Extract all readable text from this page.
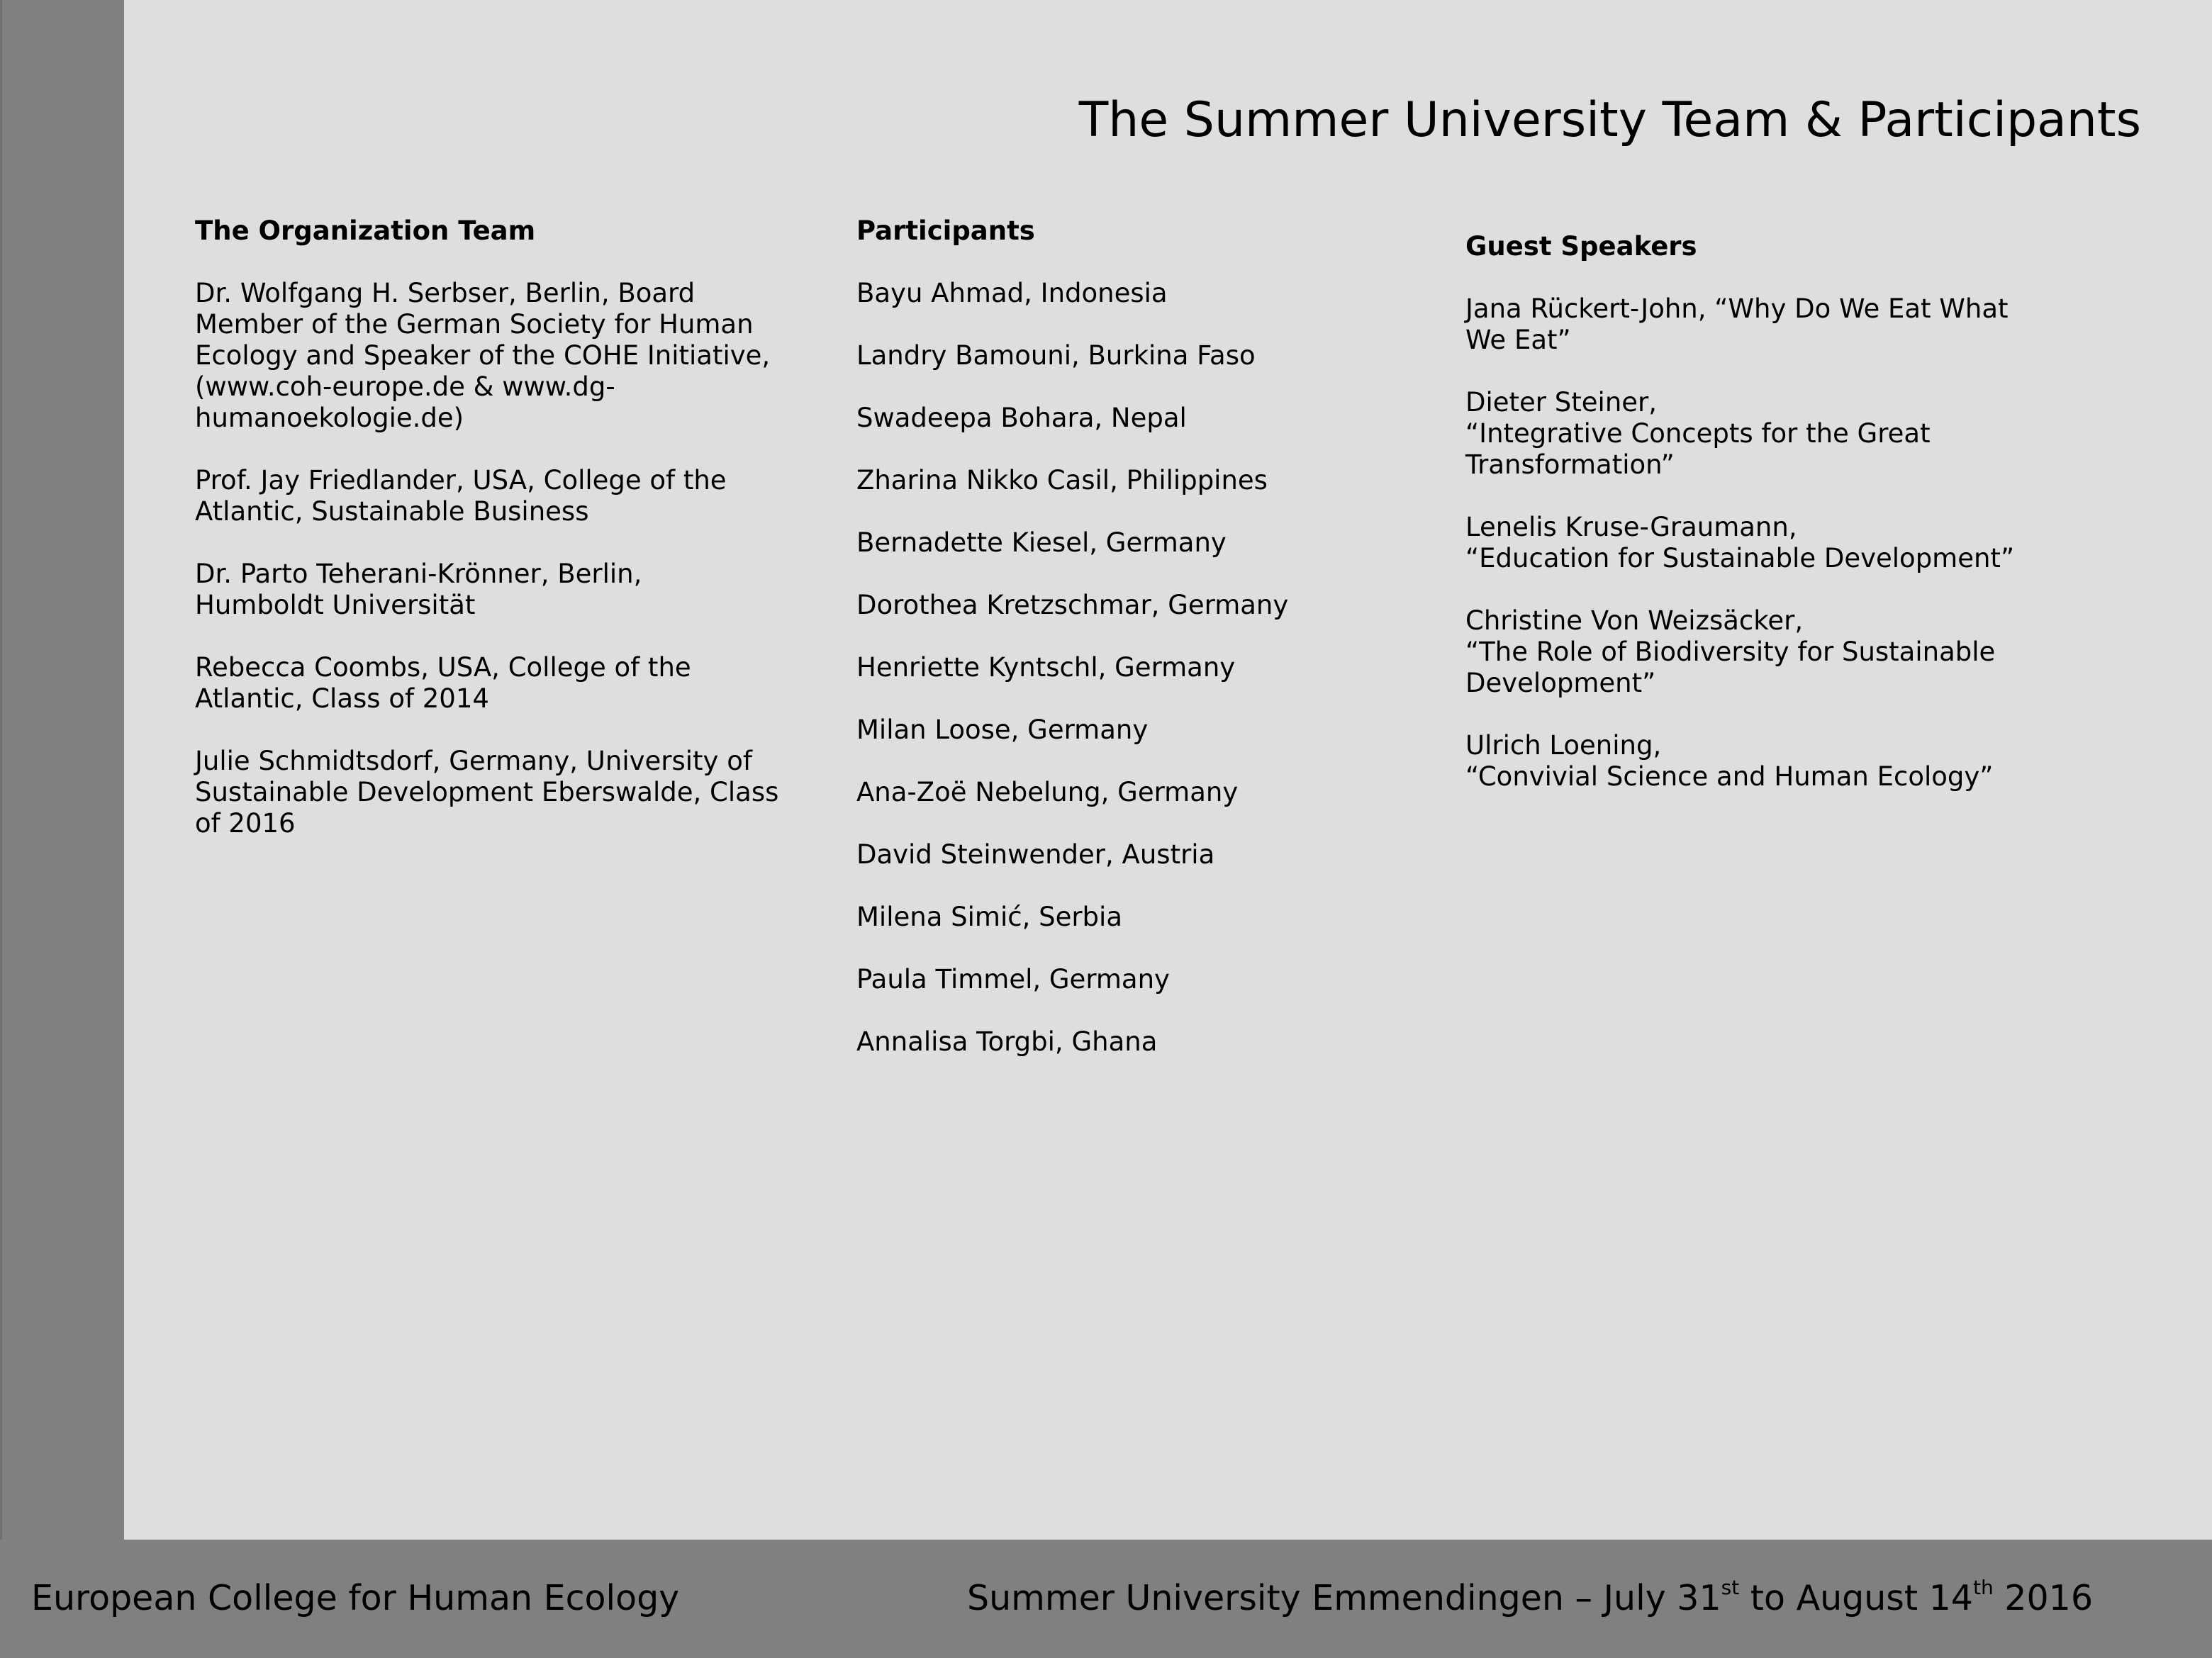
The Summer University Team & Participants
The Organization Team
Dr. Wolfgang H. Serbser, Berlin, Board
Member of the German Society for Human
Ecology and Speaker of the COHE Initiative,
(www.coh-europe.de & www.dg-
humanoekologie.de)
Prof. Jay Friedlander, USA, College of the
Atlantic, Sustainable Business
Dr. Parto Teherani-Krönner, Berlin,
Humboldt Universität
Rebecca Coombs, USA, College of the
Atlantic, Class of 2014
Julie Schmidtsdorf, Germany, University of
Sustainable Development Eberswalde, Class
of 2016
Participants
Bayu Ahmad, Indonesia
Landry Bamouni, Burkina Faso
Swadeepa Bohara, Nepal
Zharina Nikko Casil, Philippines
Bernadette Kiesel, Germany
Dorothea Kretzschmar, Germany
Henriette Kyntschl, Germany
Milan Loose, Germany
Ana-Zoë Nebelung, Germany
David Steinwender, Austria
Milena Simić, Serbia
Paula Timmel, Germany
Annalisa Torgbi, Ghana
Guest Speakers
Jana Rückert-John, “Why Do We Eat What
We Eat”
Dieter Steiner,
“Integrative Concepts for the Great
Transformation”
Lenelis Kruse-Graumann,
“Education for Sustainable Development”
Christine Von Weizsäcker,
“The Role of Biodiversity for Sustainable
Development”
Ulrich Loening,
“Convivial Science and Human Ecology”
European College for Human Ecology	Summer University Emmendingen – July 31st to August 14th 2016
